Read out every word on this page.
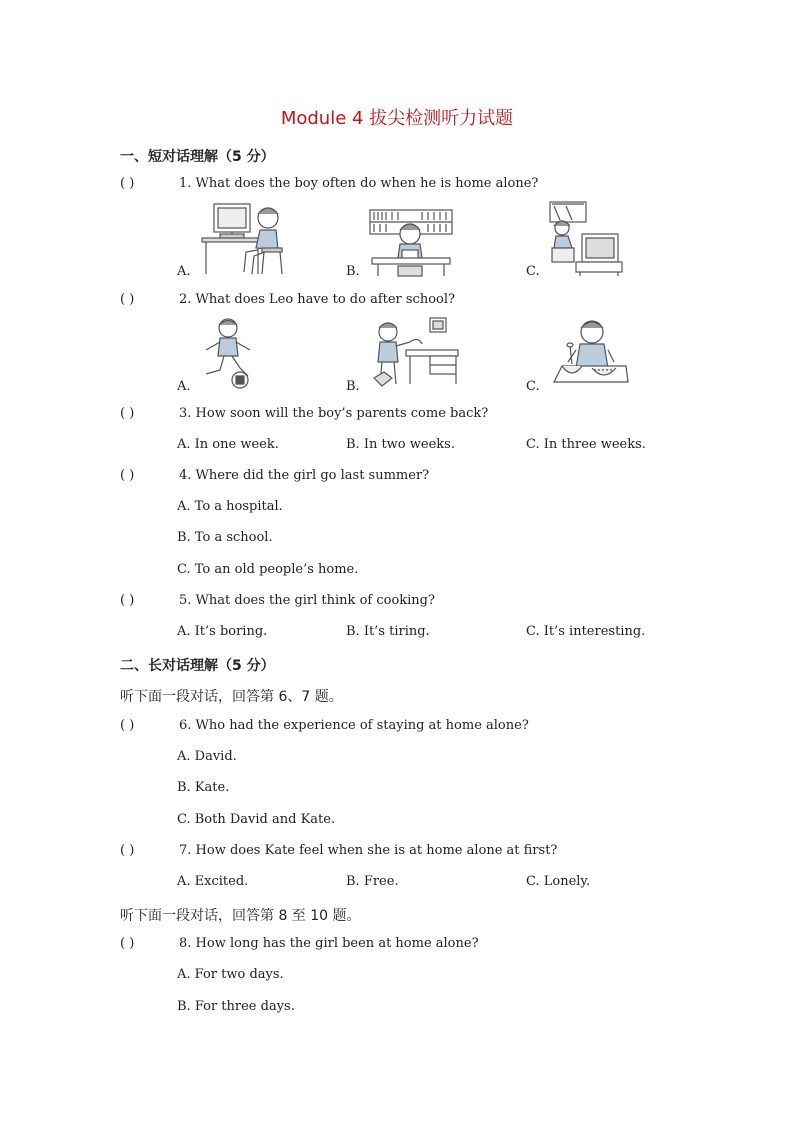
Module 4 拔尖检测听力试题
一、短对话理解（5 分）
( )	1. What does the boy often do when he is home alone?
A.	B.	C.
( )	2. What does Leo have to do after school?
A.	B.	C.
( )	3. How soon will the boy’s parents come back?
A. In one week.	B. In two weeks.	C. In three weeks.
( )	4. Where did the girl go last summer?
A. To a hospital.
B. To a school.
C. To an old people’s home.
( )	5. What does the girl think of cooking?
A. It’s boring.	B. It’s tiring.	C. It’s interesting.
二、长对话理解（5 分）
听下面一段对话，回答第 6、7 题。
( )	6. Who had the experience of staying at home alone?
A. David.
B. Kate.
C. Both David and Kate.
( )	7. How does Kate feel when she is at home alone at first?
A. Excited.	B. Free.	C. Lonely.
听下面一段对话，回答第 8 至 10 题。
( )	8. How long has the girl been at home alone?
A. For two days.
B. For three days.
